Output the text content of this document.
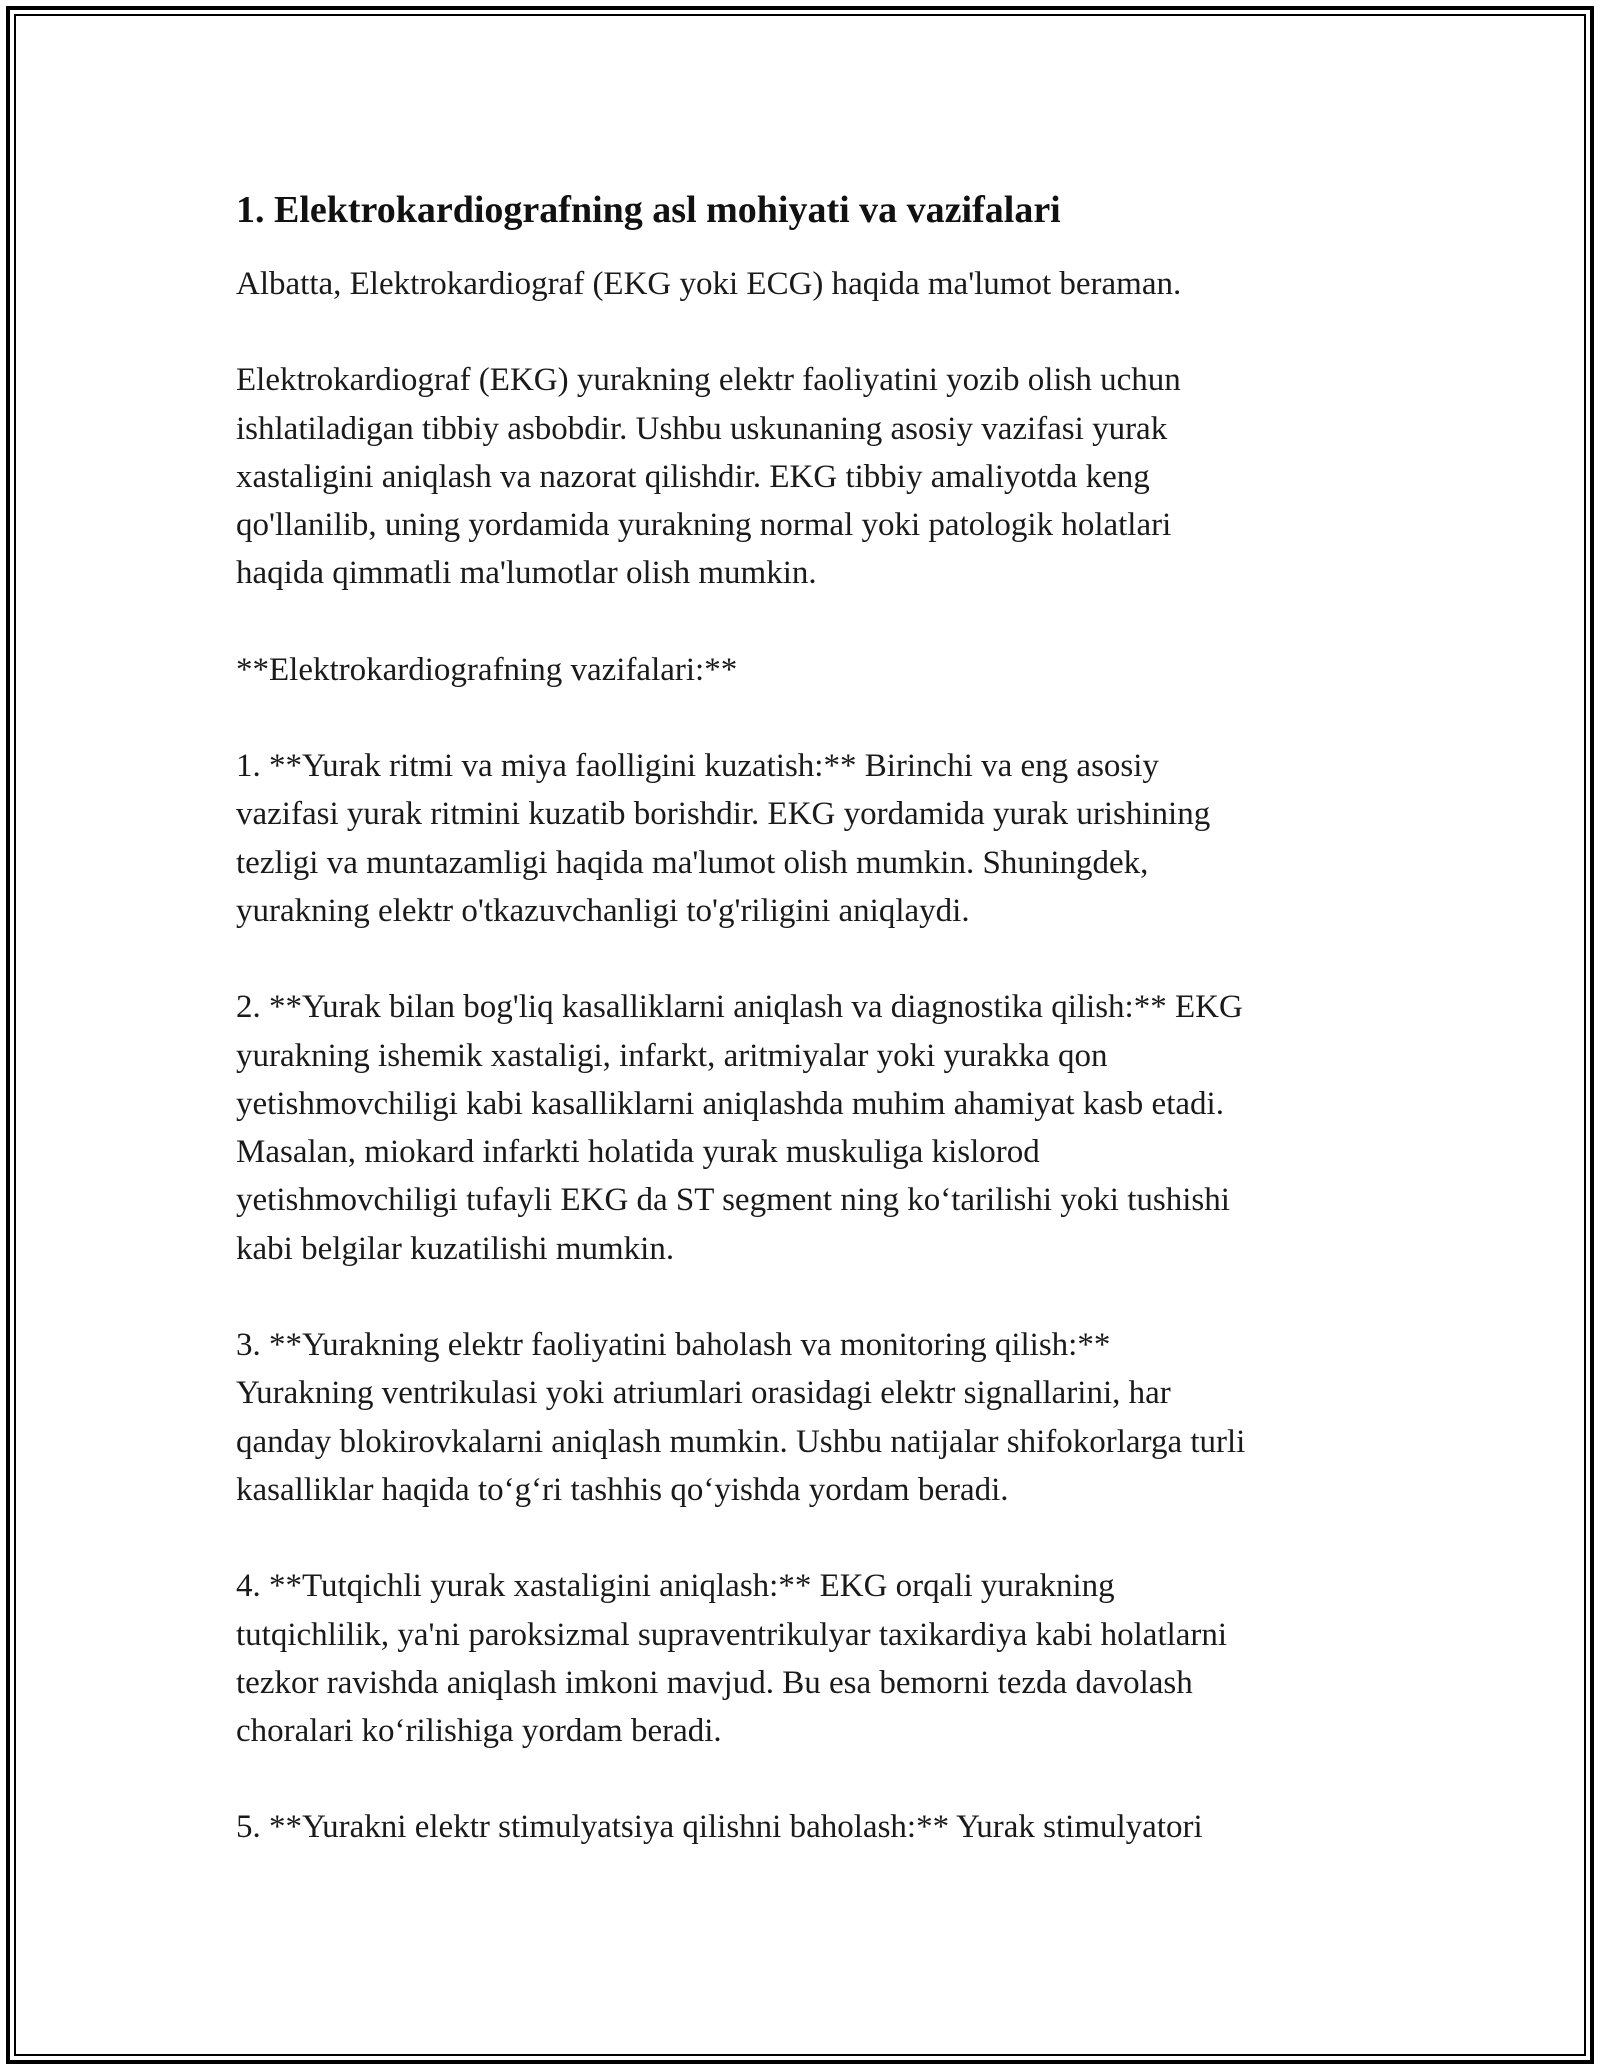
1. Elektrokardiografning asl mohiyati va vazifalari

Albatta, Elektrokardiograf (EKG yoki ECG) haqida ma'lumot beraman.

Elektrokardiograf (EKG) yurakning elektr faoliyatini yozib olish uchun
ishlatiladigan tibbiy asbobdir. Ushbu uskunaning asosiy vazifasi yurak
xastaligini aniqlash va nazorat qilishdir. EKG tibbiy amaliyotda keng
qo'llanilib, uning yordamida yurakning normal yoki patologik holatlari
haqida qimmatli ma'lumotlar olish mumkin.

**Elektrokardiografning vazifalari:**

1. **Yurak ritmi va miya faolligini kuzatish:** Birinchi va eng asosiy
vazifasi yurak ritmini kuzatib borishdir. EKG yordamida yurak urishining
tezligi va muntazamligi haqida ma'lumot olish mumkin. Shuningdek,
yurakning elektr o'tkazuvchanligi to'g'riligini aniqlaydi.

2. **Yurak bilan bog'liq kasalliklarni aniqlash va diagnostika qilish:** EKG
yurakning ishemik xastaligi, infarkt, aritmiyalar yoki yurakka qon
yetishmovchiligi kabi kasalliklarni aniqlashda muhim ahamiyat kasb etadi.
Masalan, miokard infarkti holatida yurak muskuliga kislorod
yetishmovchiligi tufayli EKG da ST segment ning koʻtarilishi yoki tushishi
kabi belgilar kuzatilishi mumkin.

3. **Yurakning elektr faoliyatini baholash va monitoring qilish:**
Yurakning ventrikulasi yoki atriumlari orasidagi elektr signallarini, har
qanday blokirovkalarni aniqlash mumkin. Ushbu natijalar shifokorlarga turli
kasalliklar haqida toʻgʻri tashhis qoʻyishda yordam beradi.

4. **Tutqichli yurak xastaligini aniqlash:** EKG orqali yurakning
tutqichlilik, ya'ni paroksizmal supraventrikulyar taxikardiya kabi holatlarni
tezkor ravishda aniqlash imkoni mavjud. Bu esa bemorni tezda davolash
choralari koʻrilishiga yordam beradi.

5. **Yurakni elektr stimulyatsiya qilishni baholash:** Yurak stimulyatori
